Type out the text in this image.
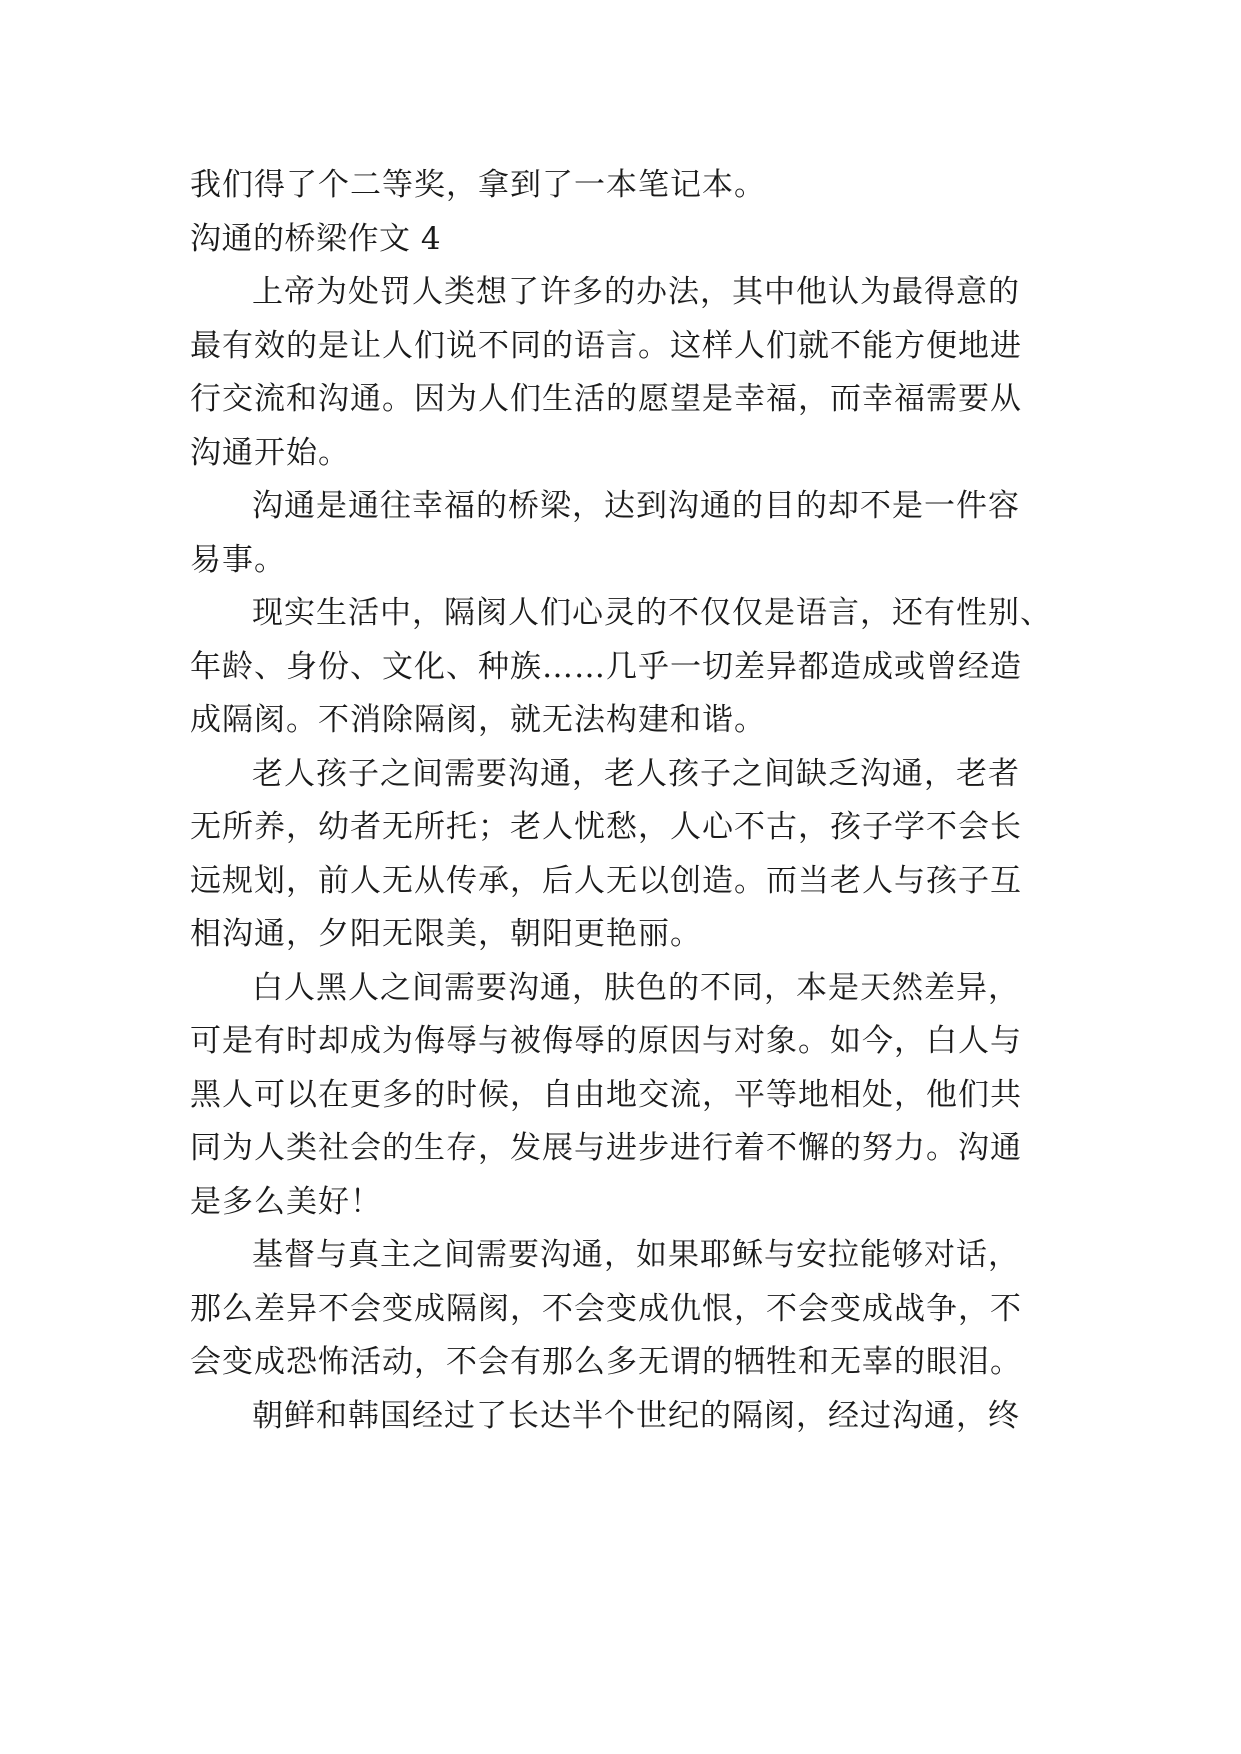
我们得了个二等奖，拿到了一本笔记本。
沟通的桥梁作文 4
上帝为处罚人类想了许多的办法，其中他认为最得意的
最有效的是让人们说不同的语言。这样人们就不能方便地进
行交流和沟通。因为人们生活的愿望是幸福，而幸福需要从
沟通开始。
沟通是通往幸福的桥梁，达到沟通的目的却不是一件容
易事。
现实生活中，隔阂人们心灵的不仅仅是语言，还有性别、
年龄、身份、文化、种族……几乎一切差异都造成或曾经造
成隔阂。不消除隔阂，就无法构建和谐。
老人孩子之间需要沟通，老人孩子之间缺乏沟通，老者
无所养，幼者无所托；老人忧愁，人心不古，孩子学不会长
远规划，前人无从传承，后人无以创造。而当老人与孩子互
相沟通，夕阳无限美，朝阳更艳丽。
白人黑人之间需要沟通，肤色的不同，本是天然差异，
可是有时却成为侮辱与被侮辱的原因与对象。如今，白人与
黑人可以在更多的时候，自由地交流，平等地相处，他们共
同为人类社会的生存，发展与进步进行着不懈的努力。沟通
是多么美好！
基督与真主之间需要沟通，如果耶稣与安拉能够对话，
那么差异不会变成隔阂，不会变成仇恨，不会变成战争，不
会变成恐怖活动，不会有那么多无谓的牺牲和无辜的眼泪。
朝鲜和韩国经过了长达半个世纪的隔阂，经过沟通，终
